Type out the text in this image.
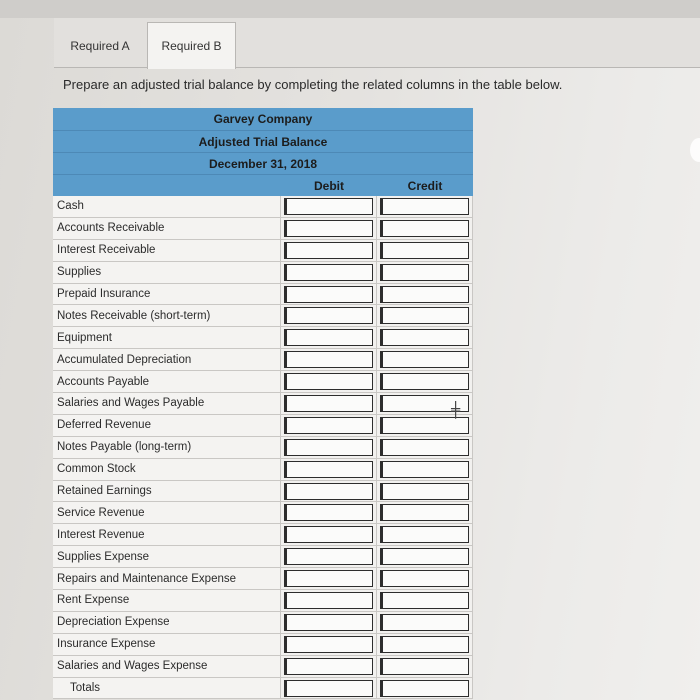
Required A	Required B
Prepare an adjusted trial balance by completing the related columns in the table below.
Garvey Company
Adjusted Trial Balance
December 31, 2018
Debit	Credit
Cash
Accounts Receivable
Interest Receivable
Supplies
Prepaid Insurance
Notes Receivable (short-term)
Equipment
Accumulated Depreciation
Accounts Payable
Salaries and Wages Payable
Deferred Revenue
Notes Payable (long-term)
Common Stock
Retained Earnings
Service Revenue
Interest Revenue
Supplies Expense
Repairs and Maintenance Expense
Rent Expense
Depreciation Expense
Insurance Expense
Salaries and Wages Expense
Totals
╪
